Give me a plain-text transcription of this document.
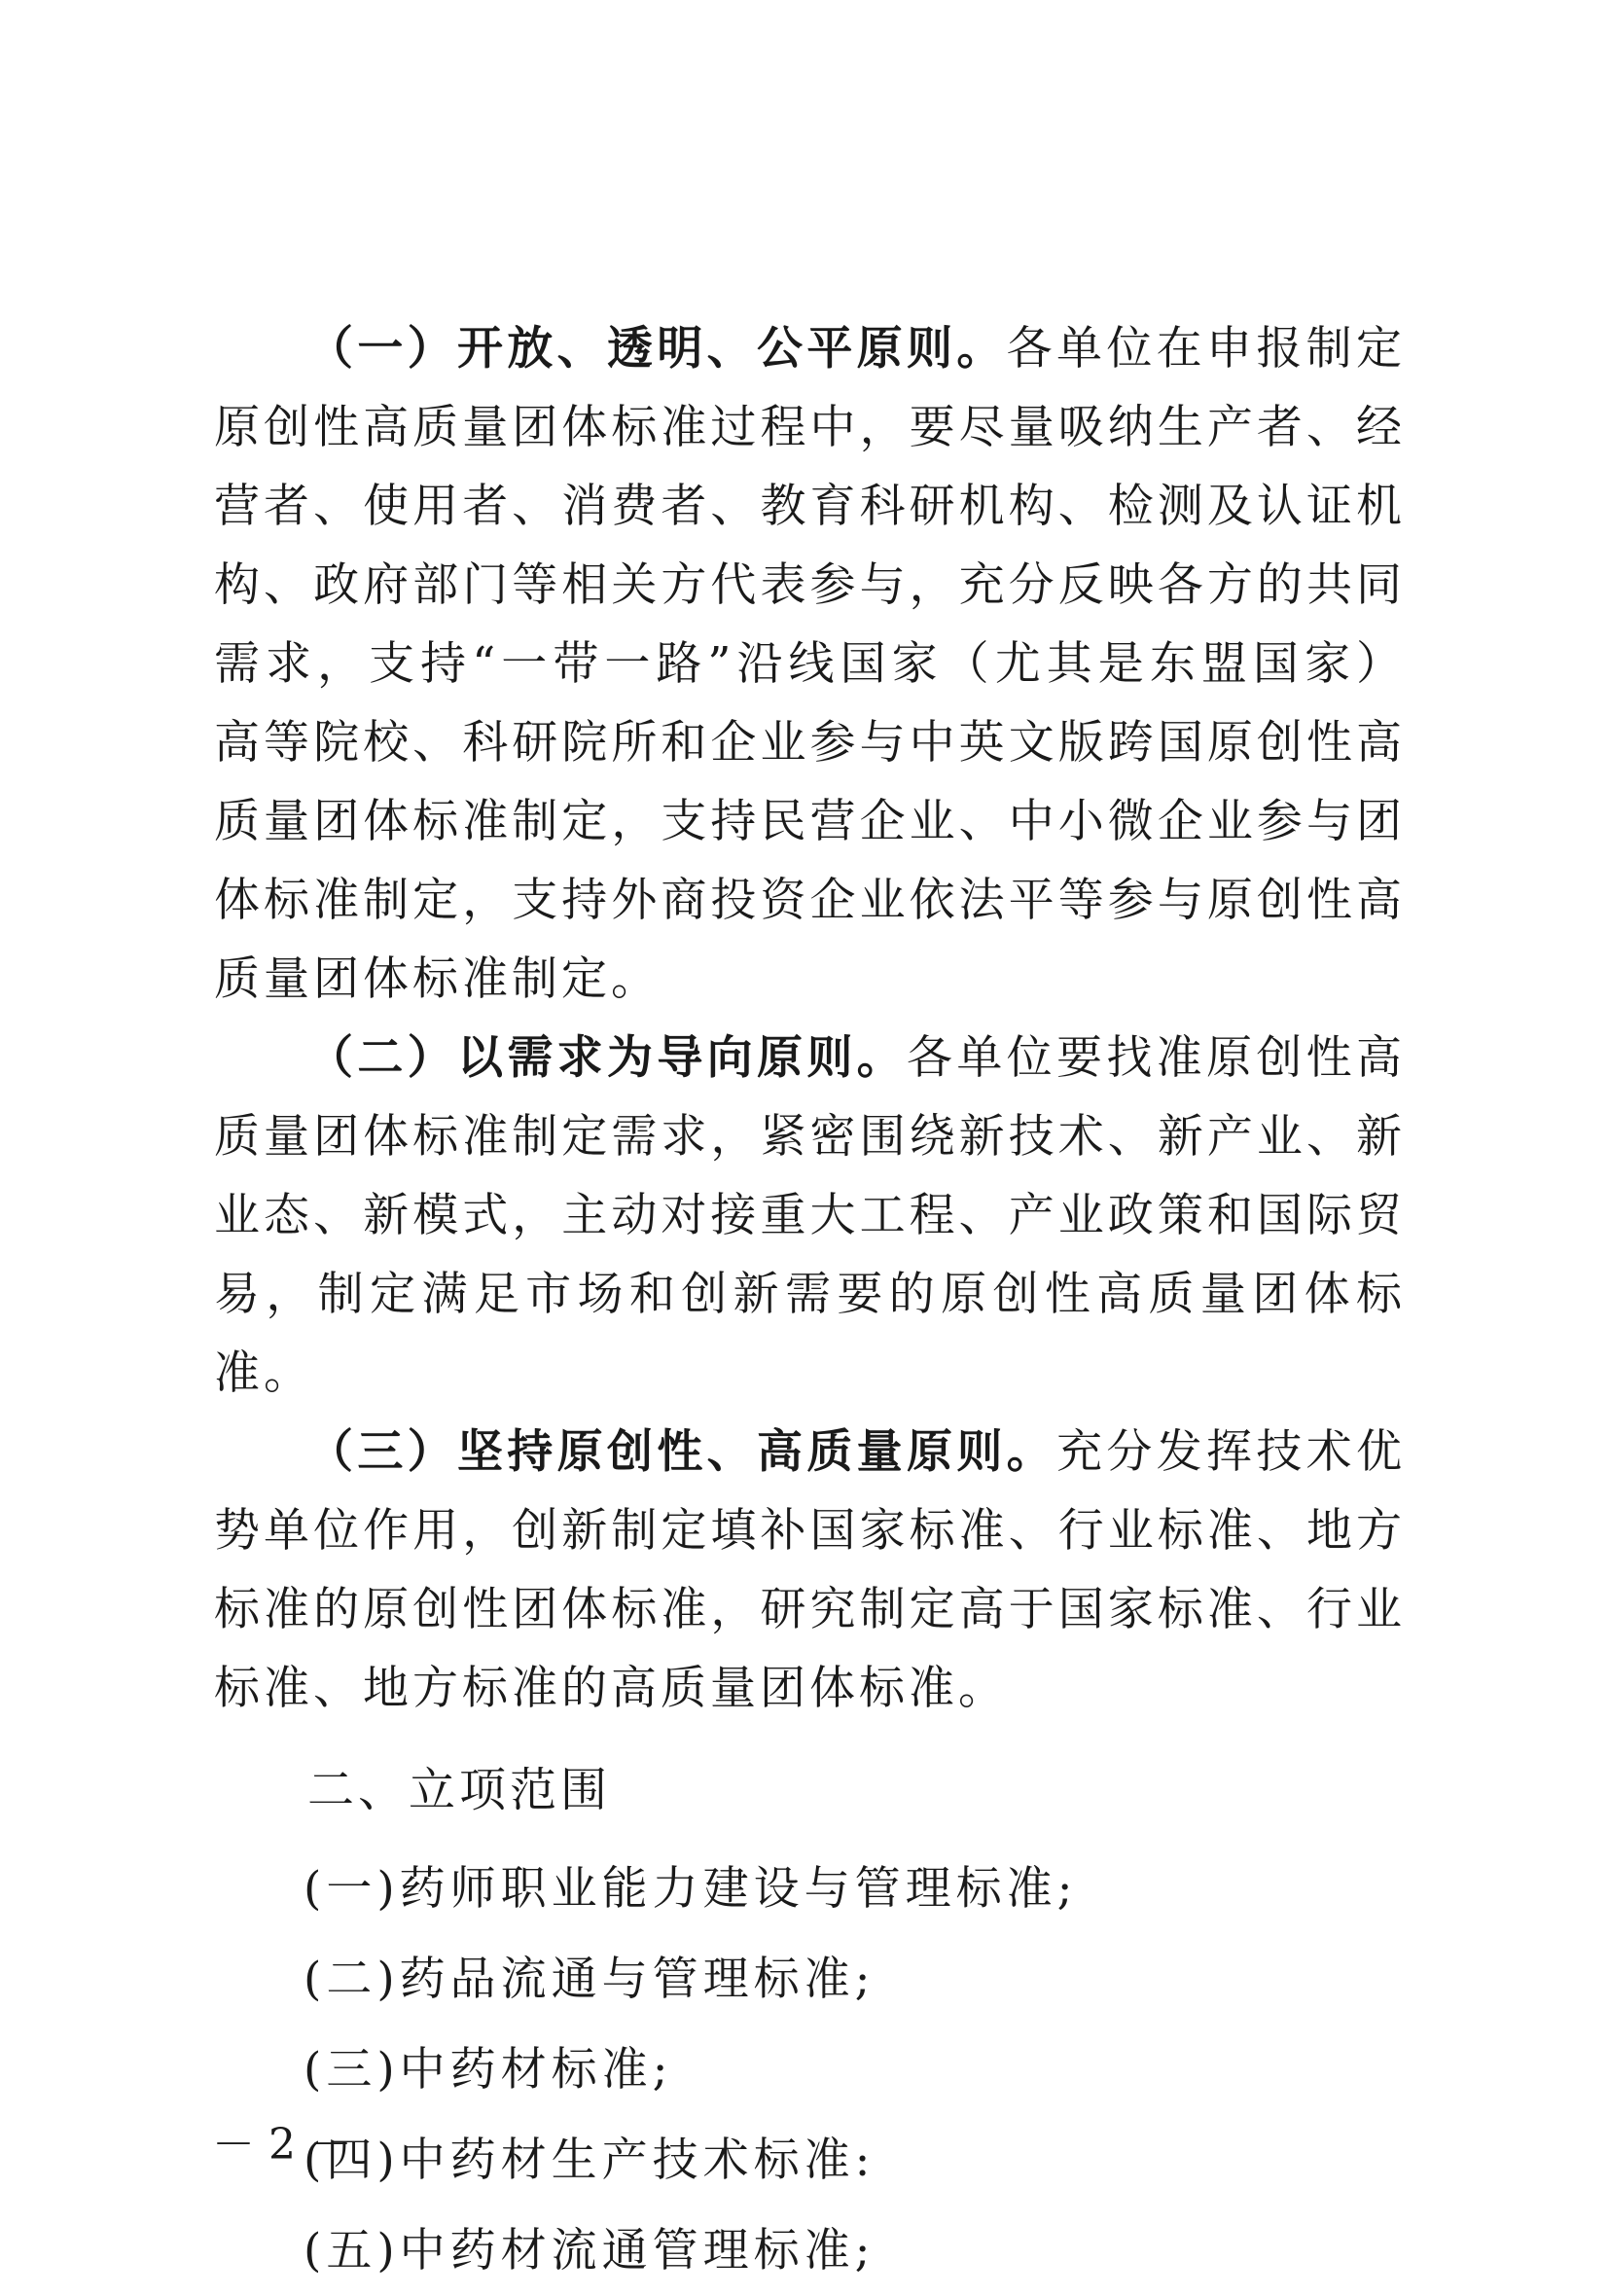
（一）开放、透明、公平原则。各单位在申报制定原创性高质量团体标准过程中，要尽量吸纳生产者、经营者、使用者、消费者、教育科研机构、检测及认证机构、政府部门等相关方代表参与，充分反映各方的共同需求，支持“一带一路”沿线国家（尤其是东盟国家）高等院校、科研院所和企业参与中英文版跨国原创性高质量团体标准制定，支持民营企业、中小微企业参与团体标准制定，支持外商投资企业依法平等参与原创性高质量团体标准制定。

（二）以需求为导向原则。各单位要找准原创性高质量团体标准制定需求，紧密围绕新技术、新产业、新业态、新模式，主动对接重大工程、产业政策和国际贸易，制定满足市场和创新需要的原创性高质量团体标准。

（三）坚持原创性、高质量原则。充分发挥技术优势单位作用，创新制定填补国家标准、行业标准、地方标准的原创性团体标准，研究制定高于国家标准、行业标准、地方标准的高质量团体标准。

二、立项范围

(一)药师职业能力建设与管理标准;

(二)药品流通与管理标准;

(三)中药材标准;

(四)中药材生产技术标准:

(五)中药材流通管理标准;

－2－
